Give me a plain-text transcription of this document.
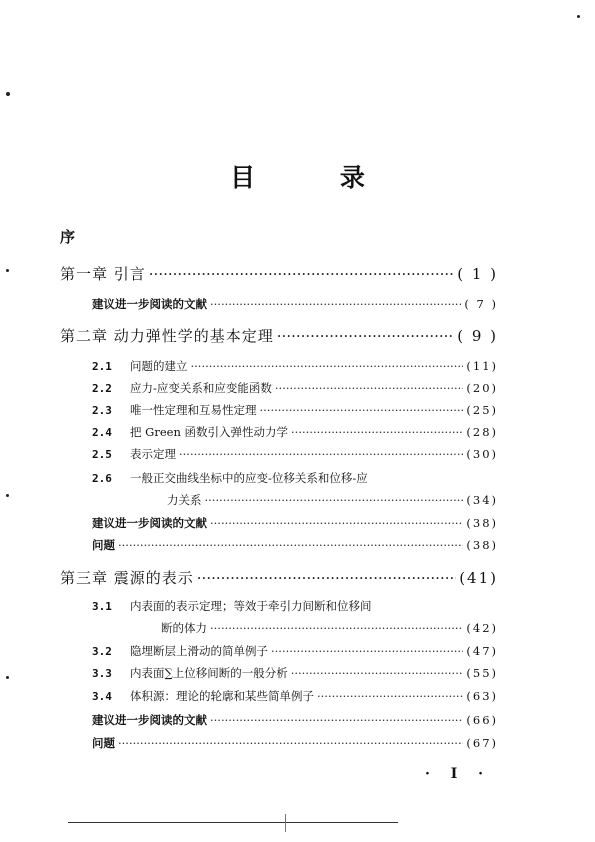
目 录
序
第一章 引言 ·····	( 1 )
建议进一步阅读的文献 ·····	( 7 )
第二章 动力弹性学的基本定理 ·····	( 9 )
2.1 问题的建立 ·····	(11)
2.2 应力-应变关系和应变能函数 ·····	(20)
2.3 唯一性定理和互易性定理 ·····	(25)
2.4 把 Green 函数引入弹性动力学 ·····	(28)
2.5 表示定理 ·····	(30)
2.6 一般正交曲线坐标中的应变-位移关系和位移-应
力关系 ·····	(34)
建议进一步阅读的文献 ·····	(38)
问题 ·····	(38)
第三章 震源的表示 ·····	(41)
3.1 内表面的表示定理；等效于牵引力间断和位移间
断的体力 ·····	(42)
3.2 隐埋断层上滑动的简单例子 ·····	(47)
3.3 内表面∑上位移间断的一般分析 ·····	(55)
3.4 体积源：理论的轮廓和某些简单例子 ·····	(63)
建议进一步阅读的文献 ·····	(66)
问题 ·····	(67)
· I ·
